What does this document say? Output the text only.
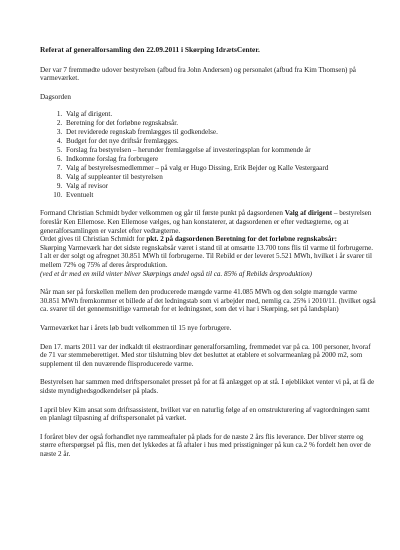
Referat af generalforsamling den 22.09.2011 i Skørping IdrætsCenter.

Der var 7 fremmødte udover bestyrelsen (afbud fra John Andersen) og personalet (afbud fra Kim Thomsen) på varmeværket.

Dagsorden

1. Valg af dirigent.
2. Beretning for det forløbne regnskabsår.
3. Det reviderede regnskab fremlægges til godkendelse.
4. Budget for det nye driftsår fremlægges.
5. Forslag fra bestyrelsen – herunder fremlæggelse af investeringsplan for kommende år
6. Indkomne forslag fra forbrugere
7. Valg af bestyrelsesmedlemmer – på valg er Hugo Dissing, Erik Bejder og Kalle Vestergaard
8. Valg af suppleanter til bestyrelsen
9. Valg af revisor
10. Eventuelt

Formand Christian Schmidt byder velkommen og går til første punkt på dagsordenen Valg af dirigent – bestyrelsen foreslår Ken Ellemose. Ken Ellemose vælges, og han konstaterer, at dagsordenen er efter vedtægterne, og at generalforsamlingen er varslet efter vedtægterne.

Ordet gives til Christian Schmidt for pkt. 2 på dagsordenen Beretning for det forløbne regnskabsår:

Skørping Varmeværk har det sidste regnskabsår været i stand til at omsætte 13.700 tons flis til varme til forbrugerne. I alt er der solgt og afregnet 30.851 MWh til forbrugerne. Til Rebild er der leveret 5.521 MWh, hvilket i år svarer til mellem 72% og 75% af deres årsproduktion.

(ved et år med en mild vinter bliver Skørpings andel også til ca. 85% af Rebilds årsproduktion)

Når man ser på forskellen mellem den producerede mængde varme 41.085 MWh og den solgte mængde varme 30.851 MWh fremkommer et billede af det ledningstab som vi arbejder med, nemlig ca. 25% i 2010/11. (hvilket også ca. svarer til det gennemsnitlige varmetab for et ledningsnet, som det vi har i Skørping, set på landsplan)

Varmeværket har i årets løb budt velkommen til 15 nye forbrugere.

Den 17. marts 2011 var der indkaldt til ekstraordinær generalforsamling, fremmødet var på ca. 100 personer, hvoraf de 71 var stemmeberettiget. Med stor tilslutning blev det besluttet at etablere et solvarmeanlæg på 2000 m2, som supplement til den nuværende flisproducerede varme.

Bestyrelsen har sammen med driftspersonalet presset på for at få anlægget op at stå. I øjeblikket venter vi på, at få de sidste myndighedsgodkendelser på plads.

I april blev Kim ansat som driftsassistent, hvilket var en naturlig følge af en omstrukturering af vagtordningen samt en planlagt tilpasning af driftspersonalet på værket.

I foråret blev der også forhandlet nye rammeaftaler på plads for de næste 2 års flis leverance. Der bliver større og større efterspørgsel på flis, men det lykkedes at få aftaler i hus med prisstigninger på kun ca.2 % fordelt hen over de næste 2 år.
